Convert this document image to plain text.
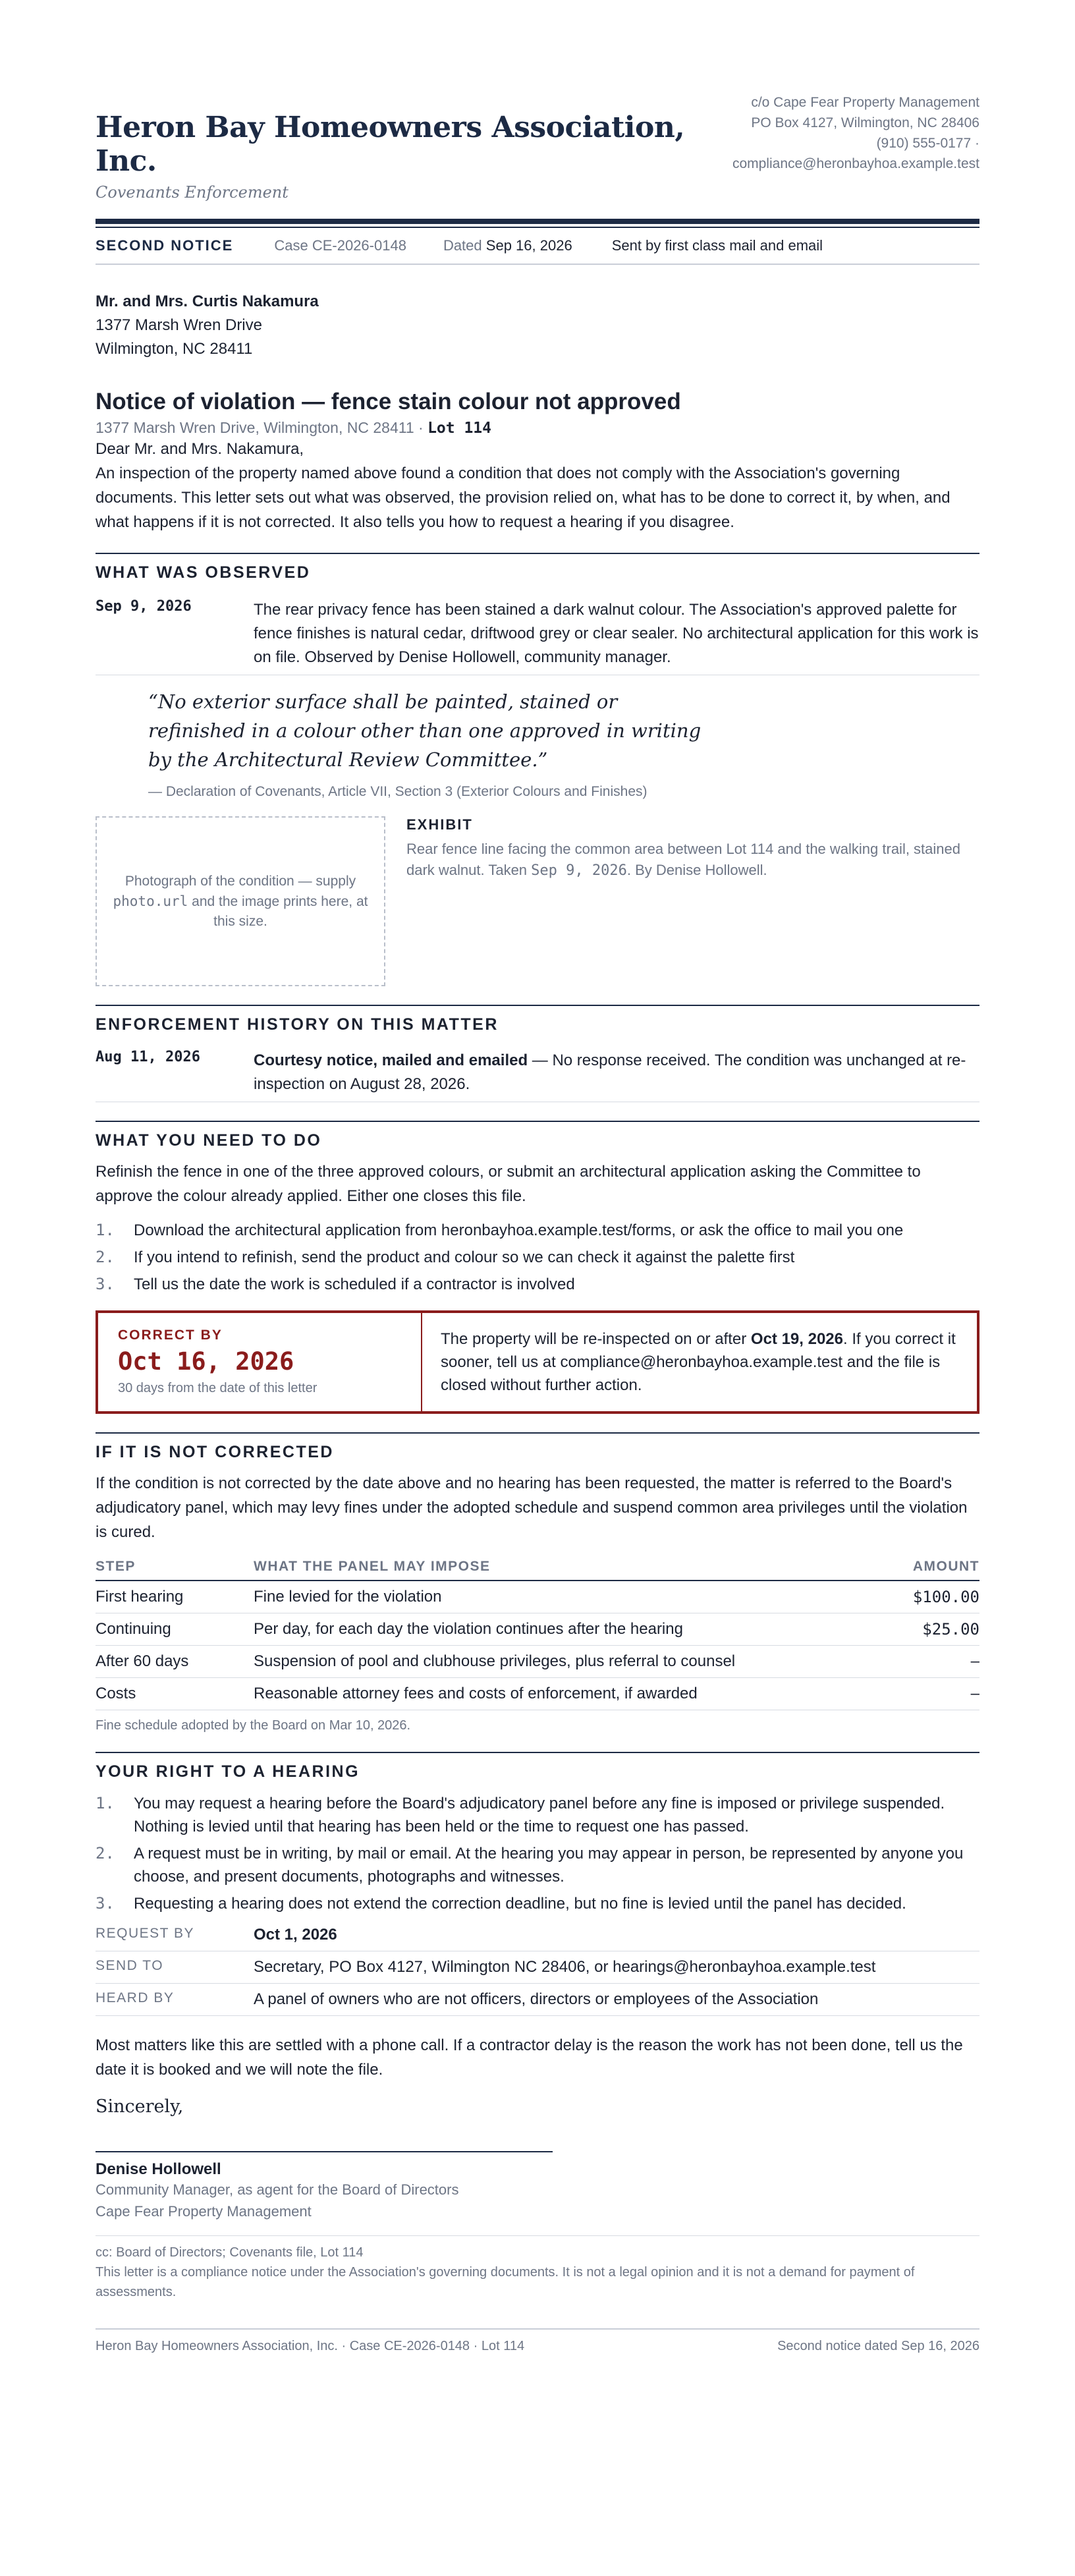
Heron Bay Homeowners Association, Inc.
Covenants Enforcement
c/o Cape Fear Property Management
PO Box 4127, Wilmington, NC 28406
(910) 555-0177 ·
compliance@heronbayhoa.example.test
SECOND NOTICE	Case CE-2026-0148	Dated Sep 16, 2026	Sent by first class mail and email
Mr. and Mrs. Curtis Nakamura
1377 Marsh Wren Drive
Wilmington, NC 28411
Notice of violation — fence stain colour not approved
1377 Marsh Wren Drive, Wilmington, NC 28411 · Lot 114

Dear Mr. and Mrs. Nakamura,

An inspection of the property named above found a condition that does not comply with the Association's governing documents. This letter sets out what was observed, the provision relied on, what has to be done to correct it, by when, and what happens if it is not corrected. It also tells you how to request a hearing if you disagree.

WHAT WAS OBSERVED
Sep 9, 2026	The rear privacy fence has been stained a dark walnut colour. The Association's approved palette for fence finishes is natural cedar, driftwood grey or clear sealer. No architectural application for this work is on file. Observed by Denise Hollowell, community manager.
“No exterior surface shall be painted, stained or refinished in a colour other than one approved in writing by the Architectural Review Committee.”
— Declaration of Covenants, Article VII, Section 3 (Exterior Colours and Finishes)
Photograph of the condition — supply photo.url and the image prints here, at this size.
EXHIBIT
Rear fence line facing the common area between Lot 114 and the walking trail, stained dark walnut. Taken Sep 9, 2026. By Denise Hollowell.
ENFORCEMENT HISTORY ON THIS MATTER
Aug 11, 2026	Courtesy notice, mailed and emailed — No response received. The condition was unchanged at re-inspection on August 28, 2026.
WHAT YOU NEED TO DO

Refinish the fence in one of the three approved colours, or submit an architectural application asking the Committee to approve the colour already applied. Either one closes this file.

1.	Download the architectural application from heronbayhoa.example.test/forms, or ask the office to mail you one
2.	If you intend to refinish, send the product and colour so we can check it against the palette first
3.	Tell us the date the work is scheduled if a contractor is involved
CORRECT BY
Oct 16, 2026
30 days from the date of this letter
The property will be re-inspected on or after Oct 19, 2026. If you correct it sooner, tell us at compliance@heronbayhoa.example.test and the file is closed without further action.
IF IT IS NOT CORRECTED

If the condition is not corrected by the date above and no hearing has been requested, the matter is referred to the Board's adjudicatory panel, which may levy fines under the adopted schedule and suspend common area privileges until the violation is cured.

STEP	WHAT THE PANEL MAY IMPOSE	AMOUNT
First hearing	Fine levied for the violation	$100.00
Continuing	Per day, for each day the violation continues after the hearing	$25.00
After 60 days	Suspension of pool and clubhouse privileges, plus referral to counsel	–
Costs	Reasonable attorney fees and costs of enforcement, if awarded	–
Fine schedule adopted by the Board on Mar 10, 2026.
YOUR RIGHT TO A HEARING
1.	You may request a hearing before the Board's adjudicatory panel before any fine is imposed or privilege suspended. Nothing is levied until that hearing has been held or the time to request one has passed.
2.	A request must be in writing, by mail or email. At the hearing you may appear in person, be represented by anyone you choose, and present documents, photographs and witnesses.
3.	Requesting a hearing does not extend the correction deadline, but no fine is levied until the panel has decided.
REQUEST BY	Oct 1, 2026
SEND TO	Secretary, PO Box 4127, Wilmington NC 28406, or hearings@heronbayhoa.example.test
HEARD BY	A panel of owners who are not officers, directors or employees of the Association

Most matters like this are settled with a phone call. If a contractor delay is the reason the work has not been done, tell us the date it is booked and we will note the file.

Sincerely,
Denise Hollowell
Community Manager, as agent for the Board of Directors
Cape Fear Property Management
cc: Board of Directors; Covenants file, Lot 114
This letter is a compliance notice under the Association's governing documents. It is not a legal opinion and it is not a demand for payment of assessments.
Heron Bay Homeowners Association, Inc. · Case CE-2026-0148 · Lot 114	Second notice dated Sep 16, 2026
